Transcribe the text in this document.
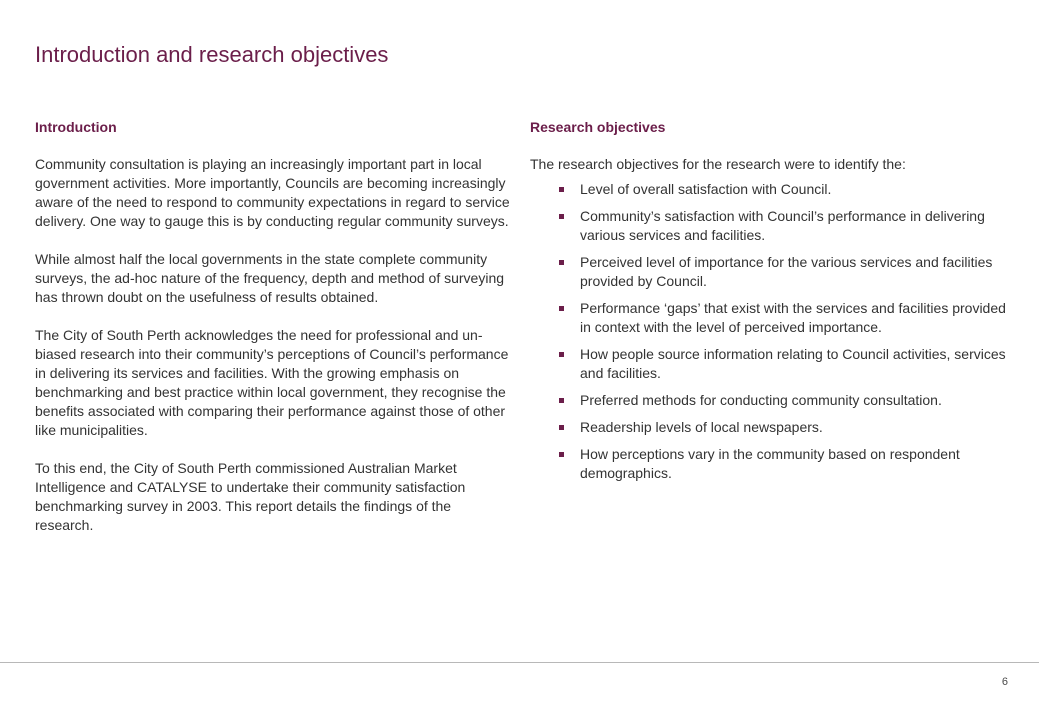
Introduction and research objectives
Introduction

Community consultation is playing an increasingly important part in local government activities. More importantly, Councils are becoming increasingly aware of the need to respond to community expectations in regard to service delivery. One way to gauge this is by conducting regular community surveys.

While almost half the local governments in the state complete community surveys, the ad-hoc nature of the frequency, depth and method of surveying has thrown doubt on the usefulness of results obtained.

The City of South Perth acknowledges the need for professional and un-biased research into their community’s perceptions of Council’s performance in delivering its services and facilities. With the growing emphasis on benchmarking and best practice within local government, they recognise the benefits associated with comparing their performance against those of other like municipalities.

To this end, the City of South Perth commissioned Australian Market Intelligence and CATALYSE to undertake their community satisfaction benchmarking survey in 2003. This report details the findings of the research.

Research objectives

The research objectives for the research were to identify the:

Level of overall satisfaction with Council.
Community’s satisfaction with Council’s performance in delivering various services and facilities.
Perceived level of importance for the various services and facilities provided by Council.
Performance ‘gaps’ that exist with the services and facilities provided in context with the level of perceived importance.
How people source information relating to Council activities, services and facilities.
Preferred methods for conducting community consultation.
Readership levels of local newspapers.
How perceptions vary in the community based on respondent demographics.
6
